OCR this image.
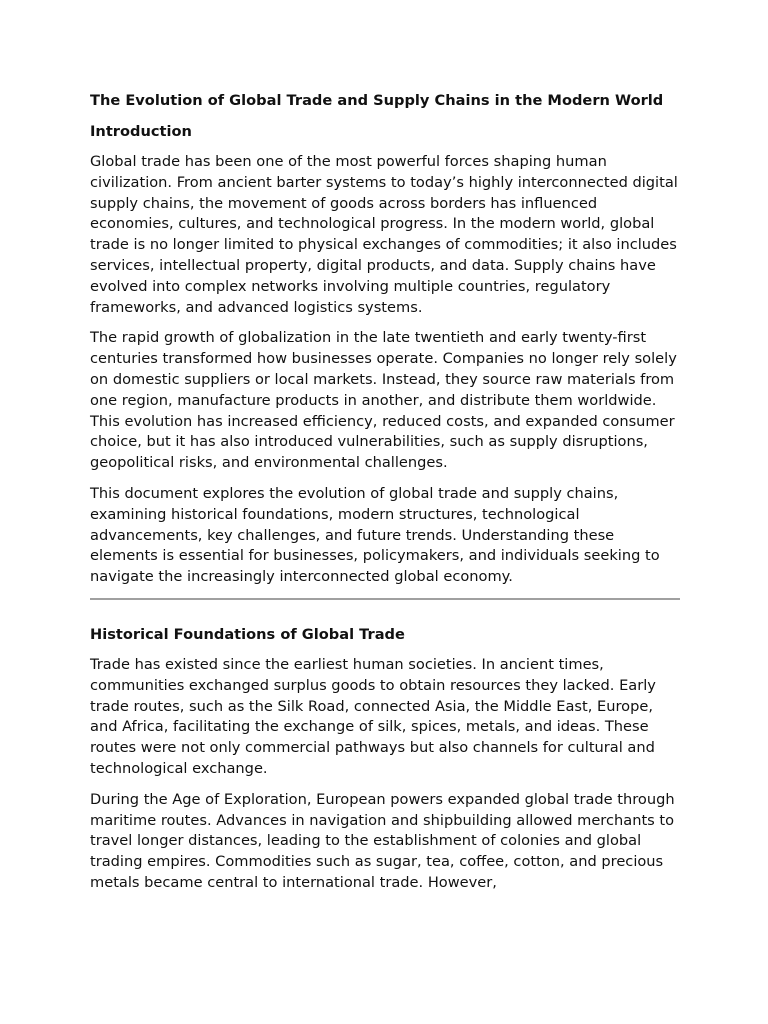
The Evolution of Global Trade and Supply Chains in the Modern World
Introduction

Global trade has been one of the most powerful forces shaping human civilization. From ancient barter systems to today’s highly interconnected digital supply chains, the movement of goods across borders has influenced economies, cultures, and technological progress. In the modern world, global trade is no longer limited to physical exchanges of commodities; it also includes services, intellectual property, digital products, and data. Supply chains have evolved into complex networks involving multiple countries, regulatory frameworks, and advanced logistics systems.

The rapid growth of globalization in the late twentieth and early twenty-first centuries transformed how businesses operate. Companies no longer rely solely on domestic suppliers or local markets. Instead, they source raw materials from one region, manufacture products in another, and distribute them worldwide. This evolution has increased efficiency, reduced costs, and expanded consumer choice, but it has also introduced vulnerabilities, such as supply disruptions, geopolitical risks, and environmental challenges.

This document explores the evolution of global trade and supply chains, examining historical foundations, modern structures, technological advancements, key challenges, and future trends. Understanding these elements is essential for businesses, policymakers, and individuals seeking to navigate the increasingly interconnected global economy.

Historical Foundations of Global Trade

Trade has existed since the earliest human societies. In ancient times, communities exchanged surplus goods to obtain resources they lacked. Early trade routes, such as the Silk Road, connected Asia, the Middle East, Europe, and Africa, facilitating the exchange of silk, spices, metals, and ideas. These routes were not only commercial pathways but also channels for cultural and technological exchange.

During the Age of Exploration, European powers expanded global trade through maritime routes. Advances in navigation and shipbuilding allowed merchants to travel longer distances, leading to the establishment of colonies and global trading empires. Commodities such as sugar, tea, coffee, cotton, and precious metals became central to international trade. However,
